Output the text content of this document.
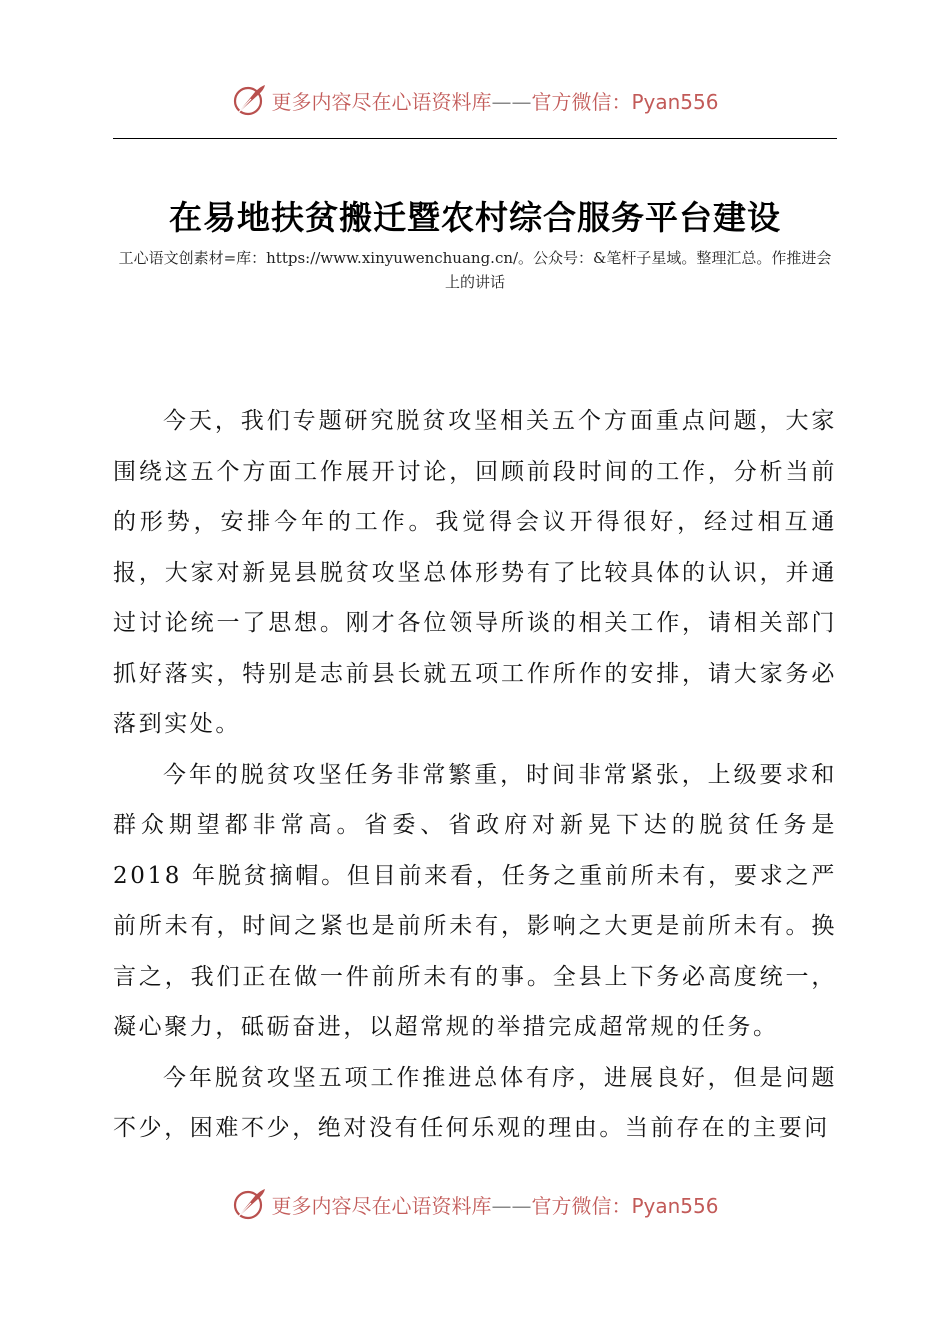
更多内容尽在心语资料库——官方微信：Pyan556
在易地扶贫搬迁暨农村综合服务平台建设
工心语文创素材=库：https://www.xinyuwenchuang.cn/。公众号：&笔杆子星域。整理汇总。作推进会上的讲话

今天，我们专题研究脱贫攻坚相关五个方面重点问题，大家围绕这五个方面工作展开讨论，回顾前段时间的工作，分析当前的形势，安排今年的工作。我觉得会议开得很好，经过相互通报，大家对新晃县脱贫攻坚总体形势有了比较具体的认识，并通过讨论统一了思想。刚才各位领导所谈的相关工作，请相关部门抓好落实，特别是志前县长就五项工作所作的安排，请大家务必落到实处。

今年的脱贫攻坚任务非常繁重，时间非常紧张，上级要求和群众期望都非常高。省委、省政府对新晃下达的脱贫任务是 2018 年脱贫摘帽。但目前来看，任务之重前所未有，要求之严前所未有，时间之紧也是前所未有，影响之大更是前所未有。换言之，我们正在做一件前所未有的事。全县上下务必高度统一，凝心聚力，砥砺奋进，以超常规的举措完成超常规的任务。

今年脱贫攻坚五项工作推进总体有序，进展良好，但是问题不少，困难不少，绝对没有任何乐观的理由。当前存在的主要问

更多内容尽在心语资料库——官方微信：Pyan556
